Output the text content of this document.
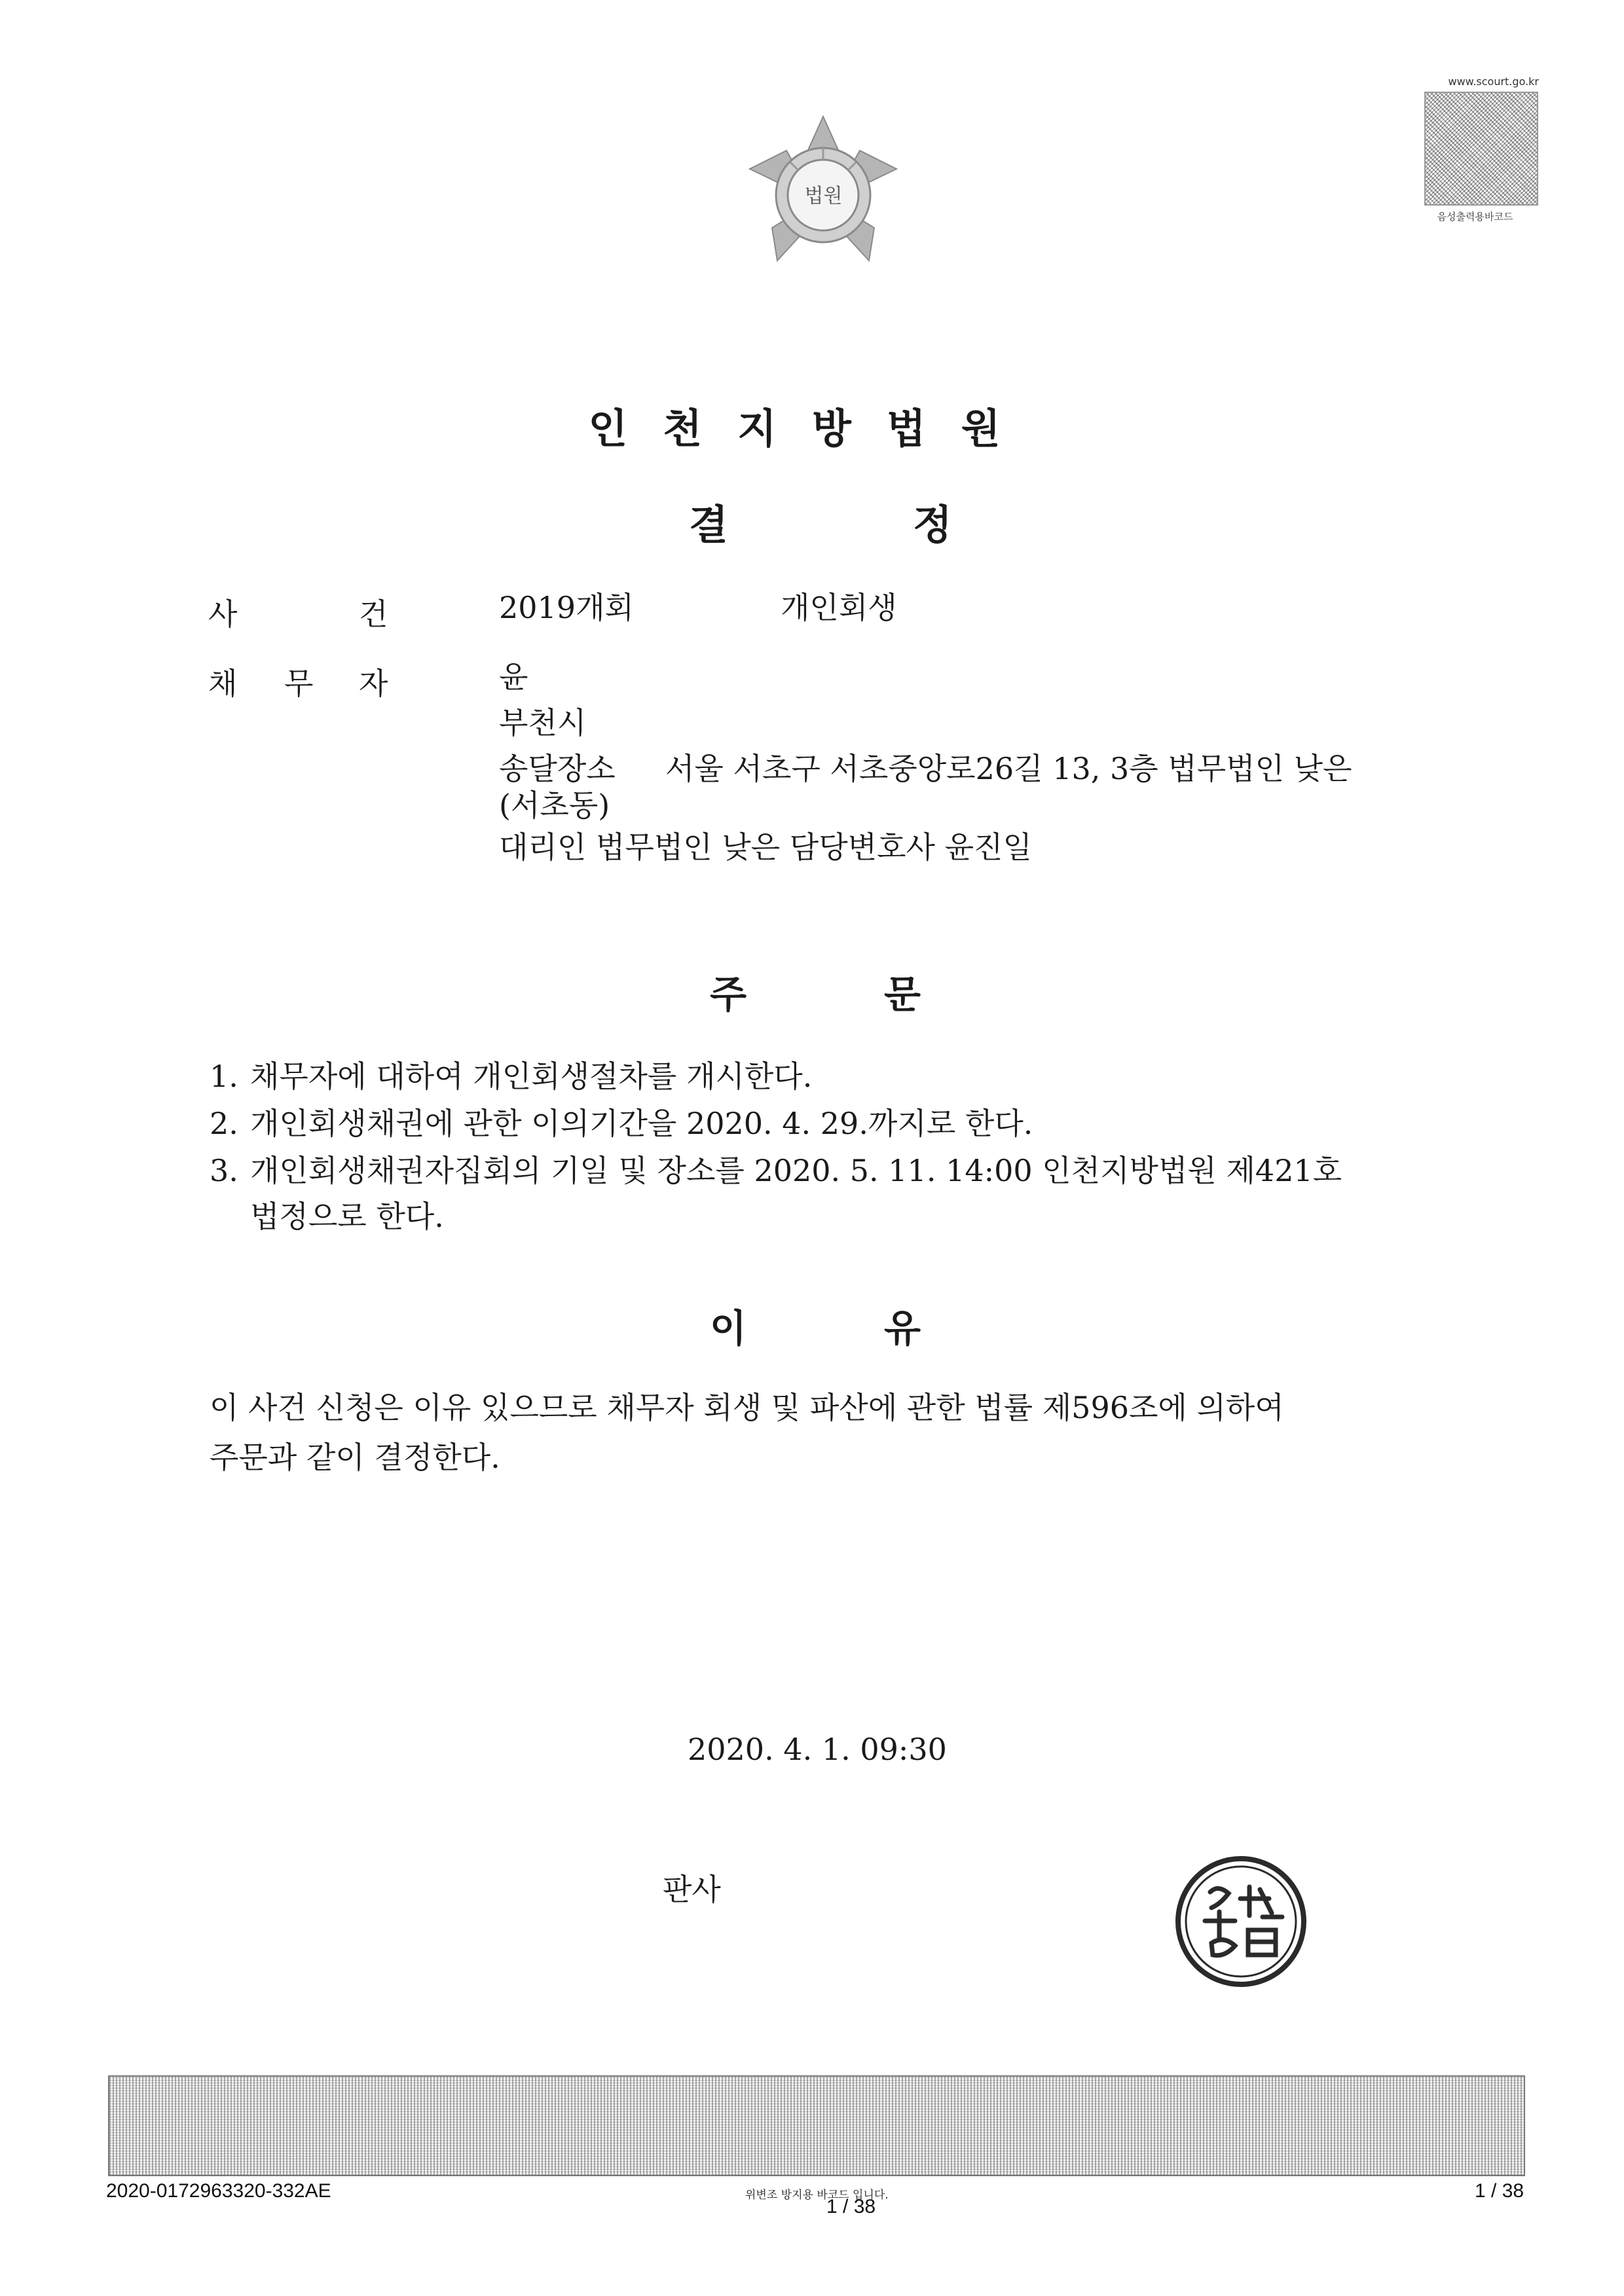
법원
www.scourt.go.kr
음성출력용바코드
인천지방법원
결	정
사	건	2019개회	개인회생
채 무 자	윤
부천시
송달장소 서울 서초구 서초중앙로26길 13, 3층 법무법인 낮은
(서초동)
대리인 법무법인 낮은 담당변호사 윤진일
주	문
1. 채무자에 대하여 개인회생절차를 개시한다.
2. 개인회생채권에 관한 이의기간을 2020. 4. 29.까지로 한다.
3. 개인회생채권자집회의 기일 및 장소를 2020. 5. 11. 14:00 인천지방법원 제421호
법정으로 한다.
이	유
이 사건 신청은 이유 있으므로 채무자 회생 및 파산에 관한 법률 제596조에 의하여
주문과 같이 결정한다.
2020. 4. 1. 09:30
판사
2020-0172963320-332AE	위변조 방지용 바코드 입니다.
1 / 38
1 / 38
